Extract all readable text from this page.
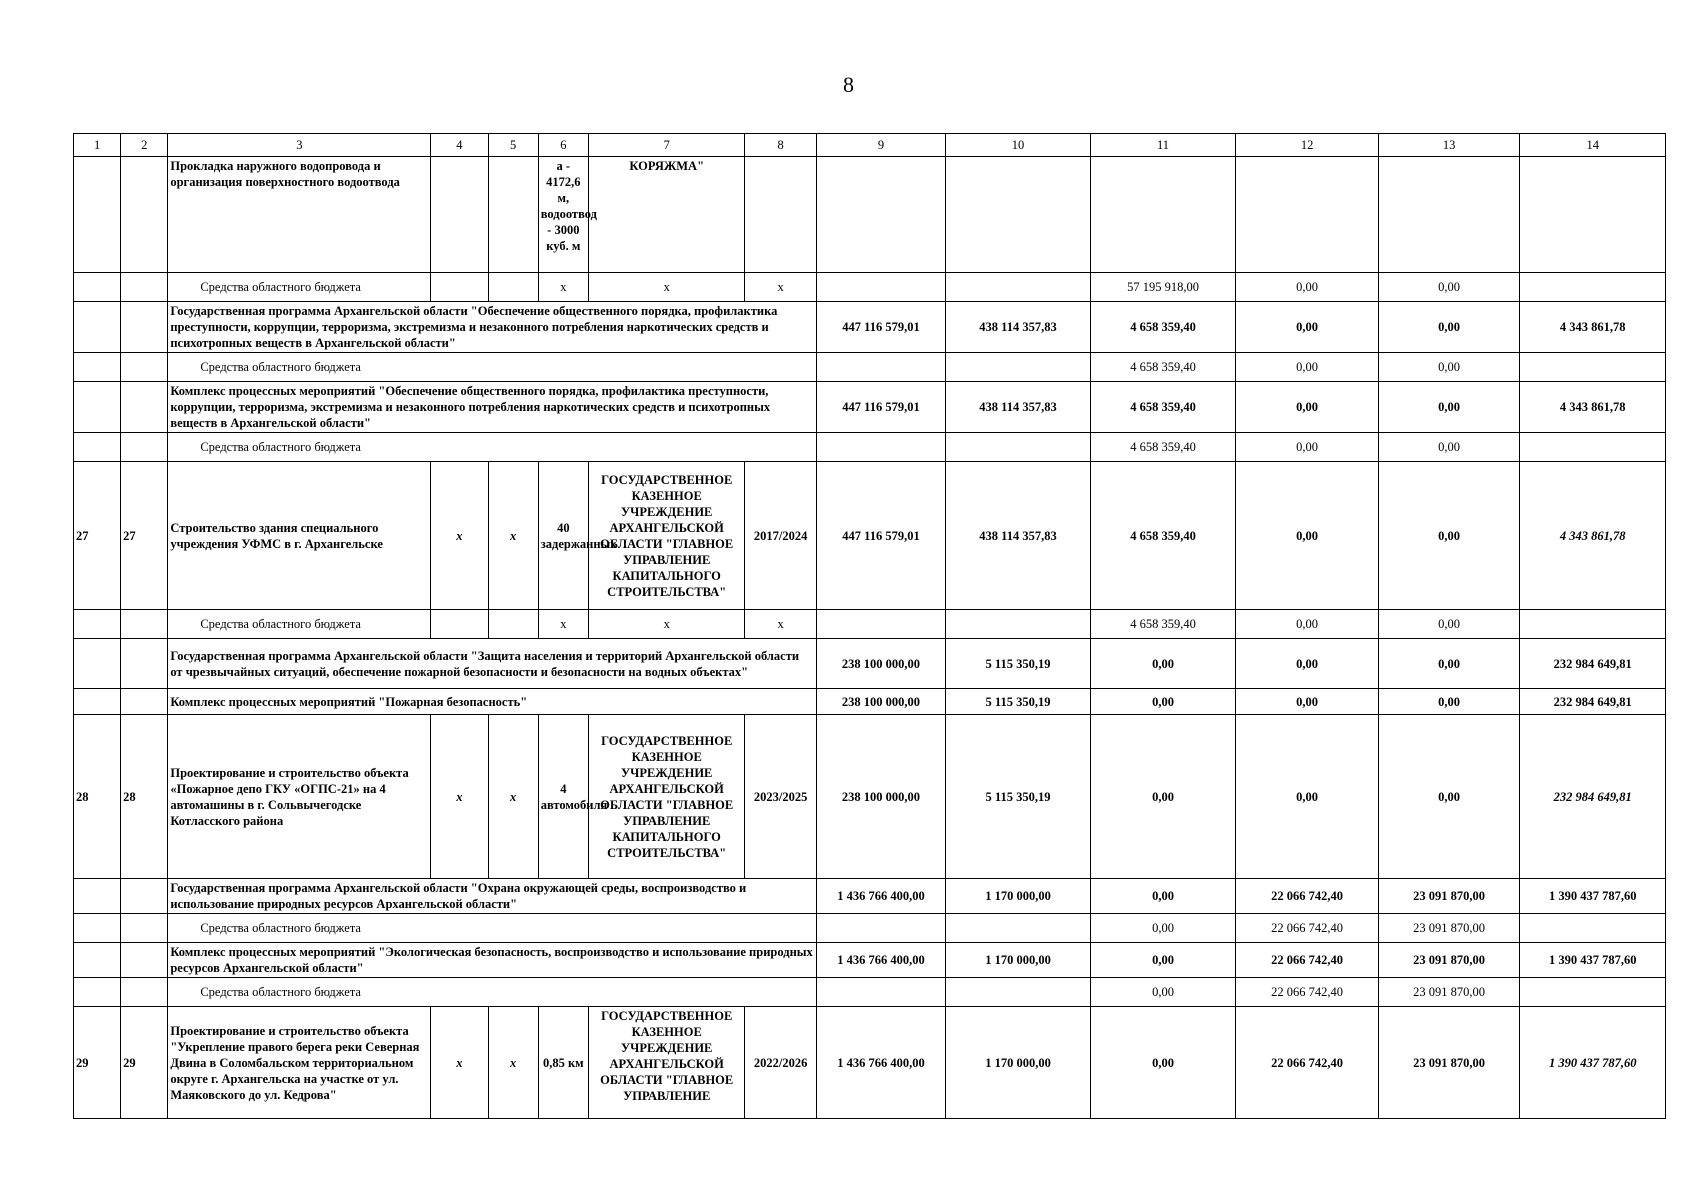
8
1	2	3	4	5	6	7	8	9	10	11	12	13	14
		Прокладка наружного водопровода и организация поверхностного водоотвода			а - 4172,6 м, водоотвод - 3000 куб. м	КОРЯЖМА"							
		Средства областного бюджета			х	х	х			57 195 918,00	0,00	0,00	
		Государственная программа Архангельской области "Обеспечение общественного порядка, профилактика преступности, коррупции, терроризма, экстремизма и незаконного потребления наркотических средств и психотропных веществ в Архангельской области"						447 116 579,01	438 114 357,83	4 658 359,40	0,00	0,00	4 343 861,78
		Средства областного бюджета								4 658 359,40	0,00	0,00	
		Комплекс процессных мероприятий "Обеспечение общественного порядка, профилактика преступности, коррупции, терроризма, экстремизма и незаконного потребления наркотических средств и психотропных веществ в Архангельской области"						447 116 579,01	438 114 357,83	4 658 359,40	0,00	0,00	4 343 861,78
		Средства областного бюджета								4 658 359,40	0,00	0,00	
27	27	Строительство здания специального учреждения УФМС в г. Архангельске	х	х	40 задержанных	ГОСУДАРСТВЕННОЕ КАЗЕННОЕ УЧРЕЖДЕНИЕ АРХАНГЕЛЬСКОЙ ОБЛАСТИ "ГЛАВНОЕ УПРАВЛЕНИЕ КАПИТАЛЬНОГО СТРОИТЕЛЬСТВА"	2017/2024	447 116 579,01	438 114 357,83	4 658 359,40	0,00	0,00	4 343 861,78
		Средства областного бюджета			х	х	х			4 658 359,40	0,00	0,00	
		Государственная программа Архангельской области "Защита населения и территорий Архангельской области от чрезвычайных ситуаций, обеспечение пожарной безопасности и безопасности на водных объектах"						238 100 000,00	5 115 350,19	0,00	0,00	0,00	232 984 649,81
		Комплекс процессных мероприятий "Пожарная безопасность"						238 100 000,00	5 115 350,19	0,00	0,00	0,00	232 984 649,81
28	28	Проектирование и строительство объекта «Пожарное депо ГКУ «ОГПС-21» на 4 автомашины в г. Сольвычегодске Котласского района	х	х	4 автомобиля	ГОСУДАРСТВЕННОЕ КАЗЕННОЕ УЧРЕЖДЕНИЕ АРХАНГЕЛЬСКОЙ ОБЛАСТИ "ГЛАВНОЕ УПРАВЛЕНИЕ КАПИТАЛЬНОГО СТРОИТЕЛЬСТВА"	2023/2025	238 100 000,00	5 115 350,19	0,00	0,00	0,00	232 984 649,81
		Государственная программа Архангельской области "Охрана окружающей среды, воспроизводство и использование природных ресурсов Архангельской области"						1 436 766 400,00	1 170 000,00	0,00	22 066 742,40	23 091 870,00	1 390 437 787,60
		Средства областного бюджета								0,00	22 066 742,40	23 091 870,00	
		Комплекс процессных мероприятий "Экологическая безопасность, воспроизводство и использование природных ресурсов Архангельской области"						1 436 766 400,00	1 170 000,00	0,00	22 066 742,40	23 091 870,00	1 390 437 787,60
		Средства областного бюджета								0,00	22 066 742,40	23 091 870,00	
29	29	Проектирование и строительство объекта "Укрепление правого берега реки Северная Двина в Соломбальском территориальном округе г. Архангельска на участке от ул. Маяковского до ул. Кедрова"	х	х	0,85 км	ГОСУДАРСТВЕННОЕ КАЗЕННОЕ УЧРЕЖДЕНИЕ АРХАНГЕЛЬСКОЙ ОБЛАСТИ "ГЛАВНОЕ УПРАВЛЕНИЕ	2022/2026	1 436 766 400,00	1 170 000,00	0,00	22 066 742,40	23 091 870,00	1 390 437 787,60
